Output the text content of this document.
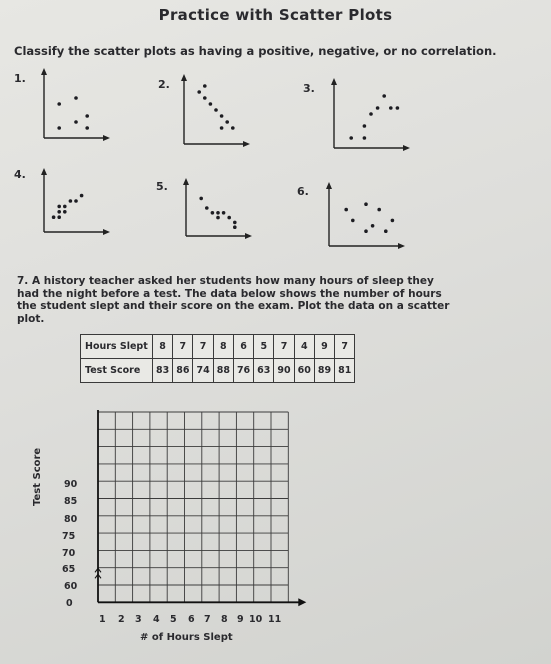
Practice with Scatter Plots
Classify the scatter plots as having a positive, negative, or no correlation.
1.	2.	3.
4.
5.	6.
7. A history teacher asked her students how many hours of sleep they had the night before a test. The data below shows the number of hours the student slept and their score on the exam. Plot the data on a scatter plot.
Hours Slept	8	7	7	8	6	5	7	4	9	7
Test Score	83	86	74	88	76	63	90	60	89	81
90
85
80
75
70
65
60
0
1 2 3 4 5 6 7 8 9 10 11
Test Score
# of Hours Slept
